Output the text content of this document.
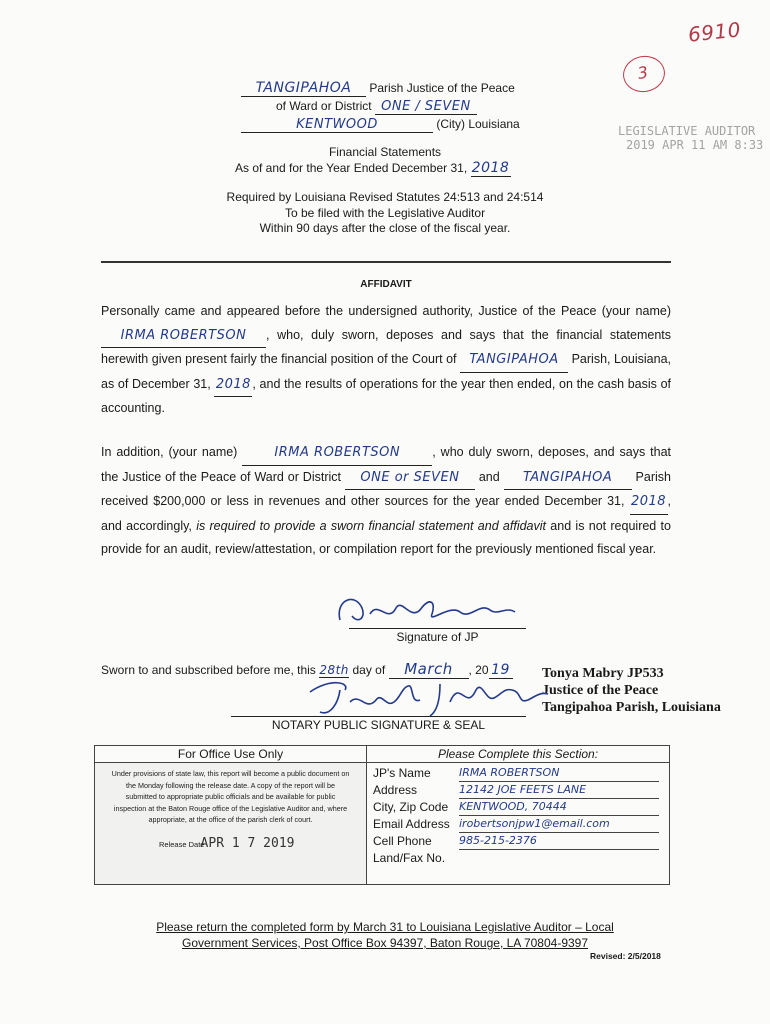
6910
3
LEGISLATIVE AUDITOR
2019 APR 11 AM 8:33
TANGIPAHOA Parish Justice of the Peace
of Ward or District ONE / SEVEN
KENTWOOD	(City) Louisiana
Financial Statements
As of and for the Year Ended December 31, 2018
Required by Louisiana Revised Statutes 24:513 and 24:514
To be filed with the Legislative Auditor
Within 90 days after the close of the fiscal year.
AFFIDAVIT
Personally came and appeared before the undersigned authority, Justice of the Peace (your name) IRMA ROBERTSON , who, duly sworn, deposes and says that the financial statements herewith given present fairly the financial position of the Court of TANGIPAHOA Parish, Louisiana, as of December 31, 2018, and the results of operations for the year then ended, on the cash basis of accounting.
In addition, (your name)	IRMA ROBERTSON	, who duly sworn, deposes, and says that the Justice of the Peace of Ward or District ONE or SEVEN and TANGIPAHOA Parish received $200,000 or less in revenues and other sources for the year ended December 31, 2018, and accordingly, is required to provide a sworn financial statement and affidavit and is not required to provide for an audit, review/attestation, or compilation report for the previously mentioned fiscal year.
Signature of JP
Sworn to and subscribed before me, this 28th day of March , 20 19 Tonya Mabry JP533
Justice of the Peace
Tangipahoa Parish, Louisiana
NOTARY PUBLIC SIGNATURE & SEAL
For Office Use Only
Under provisions of state law, this report will become a public document on the Monday following the release date. A copy of the report will be submitted to appropriate public officials and be available for public inspection at the Baton Rouge office of the Legislative Auditor and, where appropriate, at the office of the parish clerk of court.
Release Date APR 1 7 2019

Please Complete this Section:
JP's Name	IRMA ROBERTSON
Address	12142 JOE FEETS LANE
City, Zip Code KENTWOOD, 70444
Email Address irobertsonjpw1@email.com
Cell Phone	985-215-2376
Land/Fax No.
Please return the completed form by March 31 to Louisiana Legislative Auditor – Local
Government Services, Post Office Box 94397, Baton Rouge, LA 70804-9397
Revised: 2/5/2018
